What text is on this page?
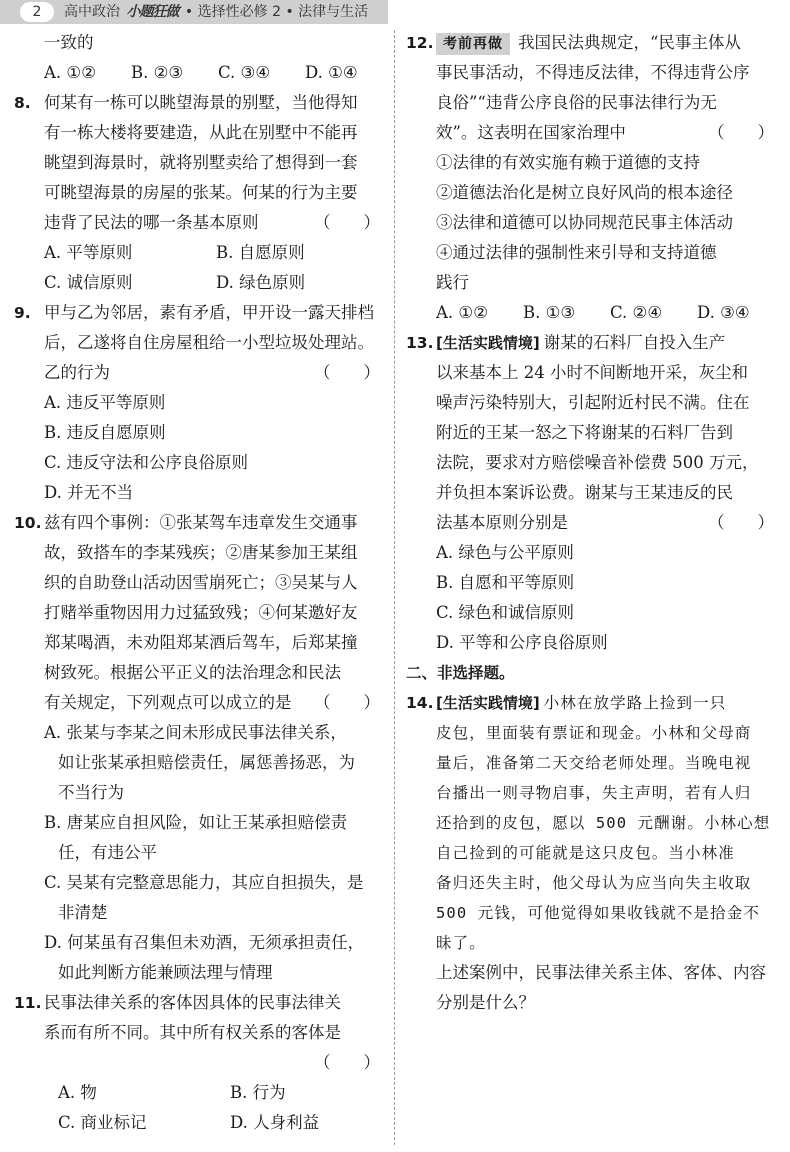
2	高中政治 小题狂做 • 选择性必修 2 • 法律与生活
一致的
A. ①② B. ②③ C. ③④ D. ①④
8. 何某有一栋可以眺望海景的别墅，当他得知
有一栋大楼将要建造，从此在别墅中不能再
眺望到海景时，就将别墅卖给了想得到一套
可眺望海景的房屋的张某。何某的行为主要
违背了民法的哪一条基本原则	（　　）
A. 平等原则	B. 自愿原则
C. 诚信原则	D. 绿色原则
9. 甲与乙为邻居，素有矛盾，甲开设一露天排档
后，乙遂将自住房屋租给一小型垃圾处理站。
乙的行为	（　　）
A. 违反平等原则
B. 违反自愿原则
C. 违反守法和公序良俗原则
D. 并无不当
10. 兹有四个事例：①张某驾车违章发生交通事
故，致搭车的李某残疾；②唐某参加王某组
织的自助登山活动因雪崩死亡；③吴某与人
打赌举重物因用力过猛致残；④何某邀好友
郑某喝酒，未劝阻郑某酒后驾车，后郑某撞
树致死。根据公平正义的法治理念和民法
有关规定，下列观点可以成立的是 （　　）
A. 张某与李某之间未形成民事法律关系，
如让张某承担赔偿责任，属惩善扬恶，为
不当行为
B. 唐某应自担风险，如让王某承担赔偿责
任，有违公平
C. 吴某有完整意思能力，其应自担损失，是
非清楚
D. 何某虽有召集但未劝酒，无须承担责任，
如此判断方能兼顾法理与情理
11. 民事法律关系的客体因具体的民事法律关
系而有所不同。其中所有权关系的客体是
（　　）
A. 物	B. 行为
C. 商业标记	D. 人身利益
12. 考前再做 我国民法典规定，“民事主体从
事民事活动，不得违反法律，不得违背公序
良俗”“违背公序良俗的民事法律行为无
效”。这表明在国家治理中	（　　）
①法律的有效实施有赖于道德的支持
②道德法治化是树立良好风尚的根本途径
③法律和道德可以协同规范民事主体活动
④通过法律的强制性来引导和支持道德
践行
A. ①② B. ①③ C. ②④ D. ③④
13. [生活实践情境] 谢某的石料厂自投入生产
以来基本上 24 小时不间断地开采，灰尘和
噪声污染特别大，引起附近村民不满。住在
附近的王某一怒之下将谢某的石料厂告到
法院，要求对方赔偿噪音补偿费 500 万元，
并负担本案诉讼费。谢某与王某违反的民
法基本原则分别是	（　　）
A. 绿色与公平原则
B. 自愿和平等原则
C. 绿色和诚信原则
D. 平等和公序良俗原则
二、非选择题。
14. [生活实践情境] 小林在放学路上捡到一只
皮包，里面装有票证和现金。小林和父母商
量后，准备第二天交给老师处理。当晚电视
台播出一则寻物启事，失主声明，若有人归
还拾到的皮包，愿以 500 元酬谢。小林心想
自己捡到的可能就是这只皮包。当小林准
备归还失主时，他父母认为应当向失主收取
500 元钱，可他觉得如果收钱就不是拾金不
昧了。
上述案例中，民事法律关系主体、客体、内容
分别是什么？
